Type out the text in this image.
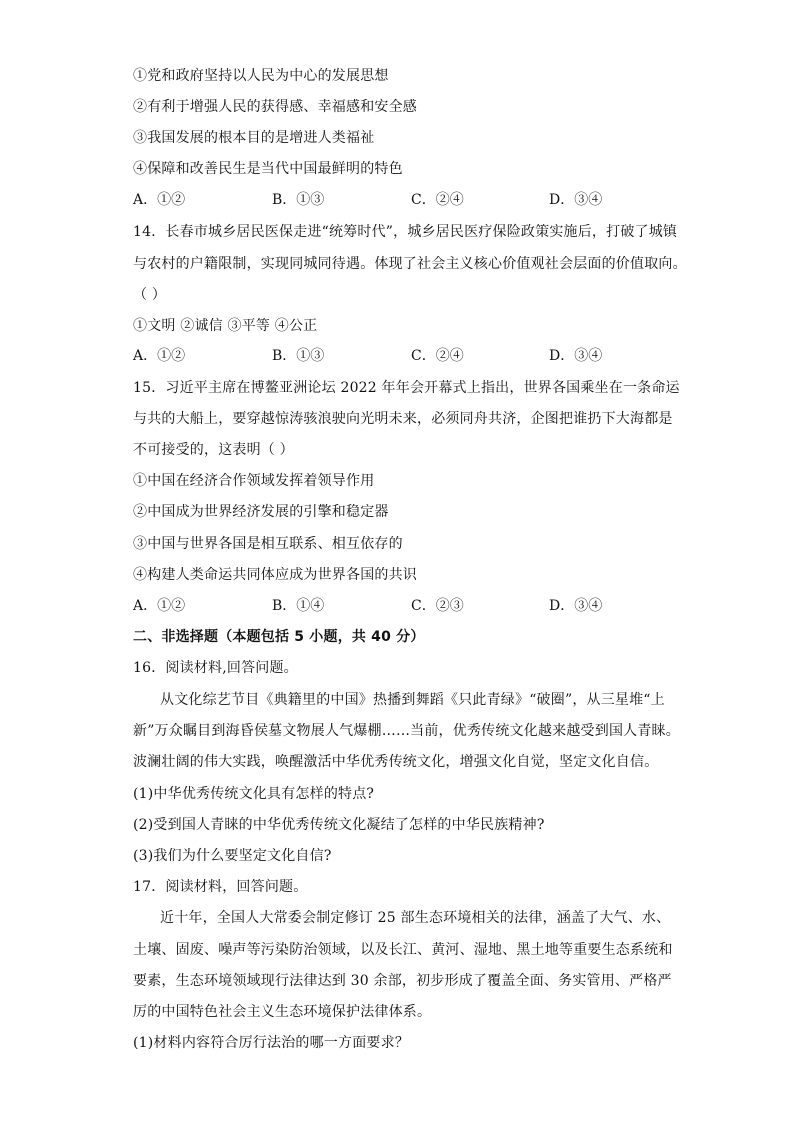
①党和政府坚持以人民为中心的发展思想
②有利于增强人民的获得感、幸福感和安全感
③我国发展的根本目的是增进人类福祉
④保障和改善民生是当代中国最鲜明的特色
A．①②	B．①③	C．②④	D．③④
14．长春市城乡居民医保走进“统筹时代”，城乡居民医疗保险政策实施后，打破了城镇
与农村的户籍限制，实现同城同待遇。体现了社会主义核心价值观社会层面的价值取向。
（ ）
①文明 ②诚信 ③平等 ④公正
A．①②	B．①③	C．②④	D．③④
15．习近平主席在博鳌亚洲论坛 2022 年年会开幕式上指出，世界各国乘坐在一条命运
与共的大船上，要穿越惊涛骇浪驶向光明未来，必须同舟共济，企图把谁扔下大海都是
不可接受的，这表明（ ）
①中国在经济合作领域发挥着领导作用
②中国成为世界经济发展的引擎和稳定器
③中国与世界各国是相互联系、相互依存的
④构建人类命运共同体应成为世界各国的共识
A．①②	B．①④	C．②③	D．③④
二、非选择题（本题包括 5 小题，共 40 分）
16．阅读材料,回答问题。
从文化综艺节目《典籍里的中国》热播到舞蹈《只此青绿》“破圈”，从三星堆“上
新”万众瞩目到海昏侯墓文物展人气爆棚……当前，优秀传统文化越来越受到国人青睐。
波澜壮阔的伟大实践，唤醒激活中华优秀传统文化，增强文化自觉，坚定文化自信。
(1)中华优秀传统文化具有怎样的特点?
(2)受到国人青睐的中华优秀传统文化凝结了怎样的中华民族精神?
(3)我们为什么要坚定文化自信?
17．阅读材料，回答问题。
近十年，全国人大常委会制定修订 25 部生态环境相关的法律，涵盖了大气、水、
土壤、固废、噪声等污染防治领域，以及长江、黄河、湿地、黑土地等重要生态系统和
要素，生态环境领域现行法律达到 30 余部，初步形成了覆盖全面、务实管用、严格严
厉的中国特色社会主义生态环境保护法律体系。
(1)材料内容符合厉行法治的哪一方面要求？
